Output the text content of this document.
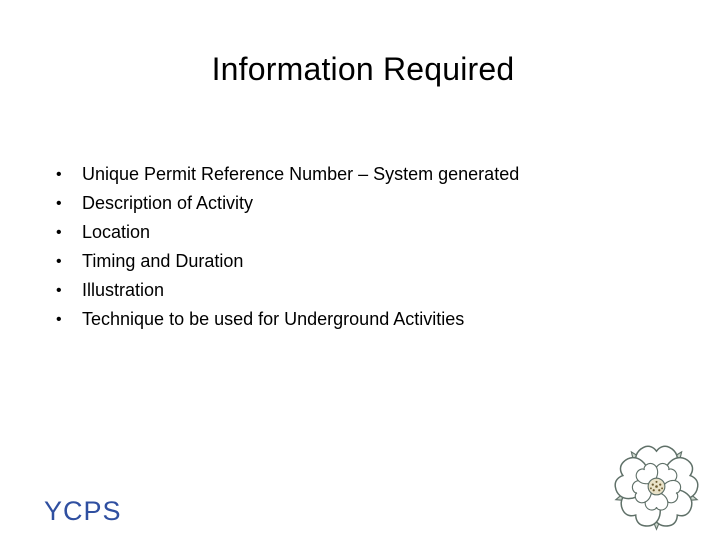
Information Required
• Unique Permit Reference Number – System generated
• Description of Activity
• Location
• Timing and Duration
• Illustration
• Technique to be used for Underground Activities
YCPS
